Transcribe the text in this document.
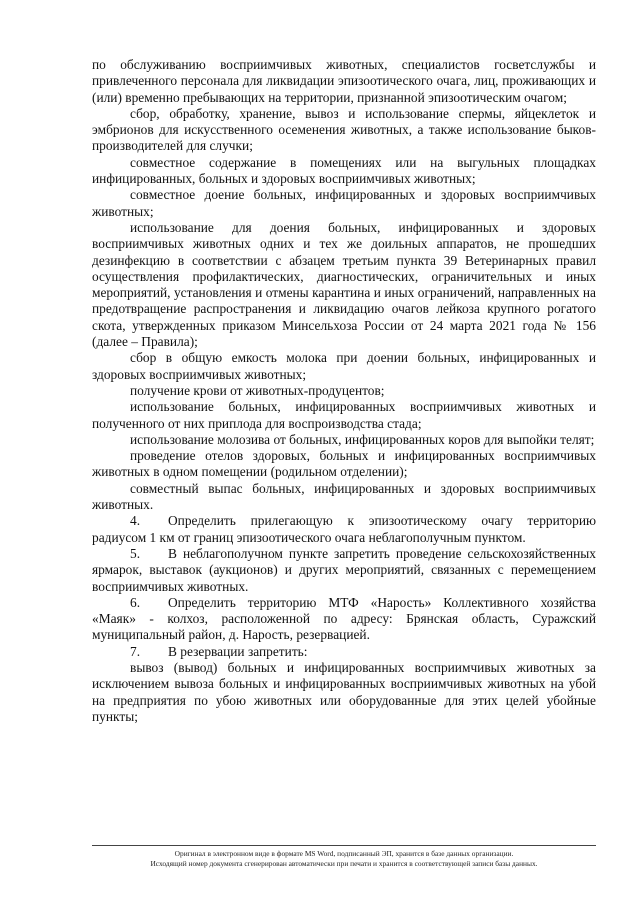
по обслуживанию восприимчивых животных, специалистов госветслужбы и привлеченного персонала для ликвидации эпизоотического очага, лиц, проживающих и (или) временно пребывающих на территории, признанной эпизоотическим очагом;

сбор, обработку, хранение, вывоз и использование спермы, яйцеклеток и эмбрионов для искусственного осеменения животных, а также использование быков-производителей для случки;

совместное содержание в помещениях или на выгульных площадках инфицированных, больных и здоровых восприимчивых животных;

совместное доение больных, инфицированных и здоровых восприимчивых животных;

использование для доения больных, инфицированных и здоровых восприимчивых животных одних и тех же доильных аппаратов, не прошедших дезинфекцию в соответствии с абзацем третьим пункта 39 Ветеринарных правил осуществления профилактических, диагностических, ограничительных и иных мероприятий, установления и отмены карантина и иных ограничений, направленных на предотвращение распространения и ликвидацию очагов лейкоза крупного рогатого скота, утвержденных приказом Минсельхоза России от 24 марта 2021 года № 156 (далее – Правила);

сбор в общую емкость молока при доении больных, инфицированных и здоровых восприимчивых животных;

получение крови от животных-продуцентов;

использование больных, инфицированных восприимчивых животных и полученного от них приплода для воспроизводства стада;

использование молозива от больных, инфицированных коров для выпойки телят;

проведение отелов здоровых, больных и инфицированных восприимчивых животных в одном помещении (родильном отделении);

совместный выпас больных, инфицированных и здоровых восприимчивых животных.

4. Определить прилегающую к эпизоотическому очагу территорию радиусом 1 км от границ эпизоотического очага неблагополучным пунктом.

5. В неблагополучном пункте запретить проведение сельскохозяйственных ярмарок, выставок (аукционов) и других мероприятий, связанных с перемещением восприимчивых животных.

6. Определить территорию МТФ «Нарость» Коллективного хозяйства «Маяк» - колхоз, расположенной по адресу: Брянская область, Суражский муниципальный район, д. Нарость, резервацией.

7. В резервации запретить:

вывоз (вывод) больных и инфицированных восприимчивых животных за исключением вывоза больных и инфицированных восприимчивых животных на убой на предприятия по убою животных или оборудованные для этих целей убойные пункты;

Оригинал в электронном виде в формате MS Word, подписанный ЭП, хранится в базе данных организации.

Исходящий номер документа сгенерирован автоматически при печати и хранится в соответствующей записи базы данных.
